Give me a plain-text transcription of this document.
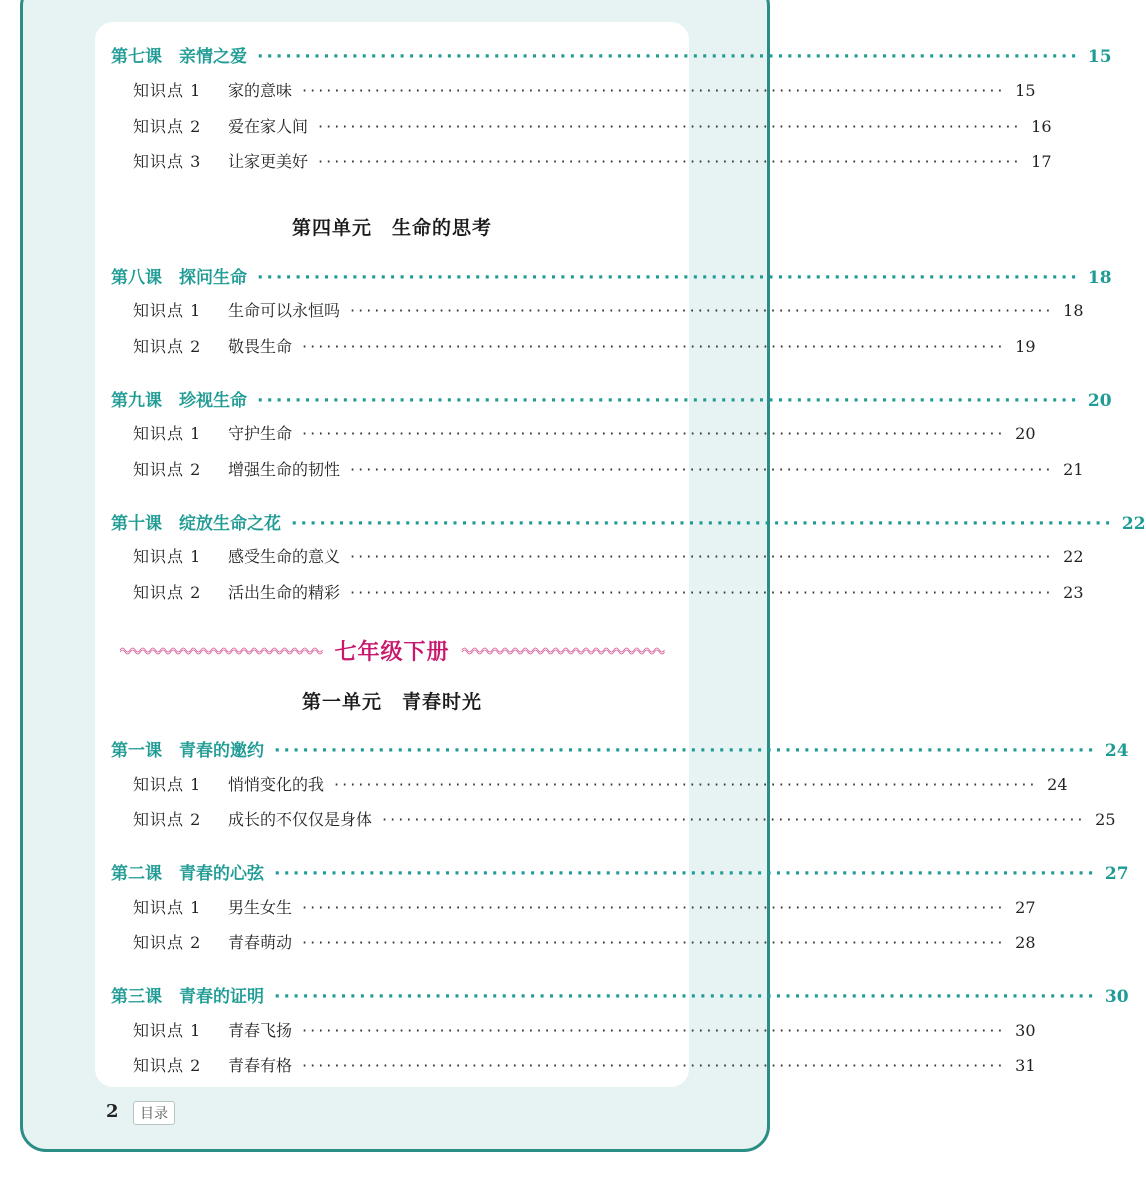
第七课　亲情之爱 ······················································································· 15
知识点 1 家的意味 ······················································································· 15
知识点 2 爱在家人间 ······················································································· 16
知识点 3 让家更美好 ······················································································· 17
第四单元　生命的思考
第八课　探问生命 ······················································································· 18
知识点 1 生命可以永恒吗 ······················································································· 18
知识点 2 敬畏生命 ······················································································· 19
第九课　珍视生命 ······················································································· 20
知识点 1 守护生命 ······················································································· 20
知识点 2 增强生命的韧性 ······················································································· 21
第十课　绽放生命之花 ······················································································· 22
知识点 1 感受生命的意义 ······················································································· 22
知识点 2 活出生命的精彩 ······················································································· 23
七年级下册
第一单元　青春时光
第一课　青春的邀约 ······················································································· 24
知识点 1 悄悄变化的我 ······················································································· 24
知识点 2 成长的不仅仅是身体 ······················································································· 25
第二课　青春的心弦 ······················································································· 27
知识点 1 男生女生 ······················································································· 27
知识点 2 青春萌动 ······················································································· 28
第三课　青春的证明 ······················································································· 30
知识点 1 青春飞扬 ······················································································· 30
知识点 2 青春有格 ······················································································· 31
2	目录
